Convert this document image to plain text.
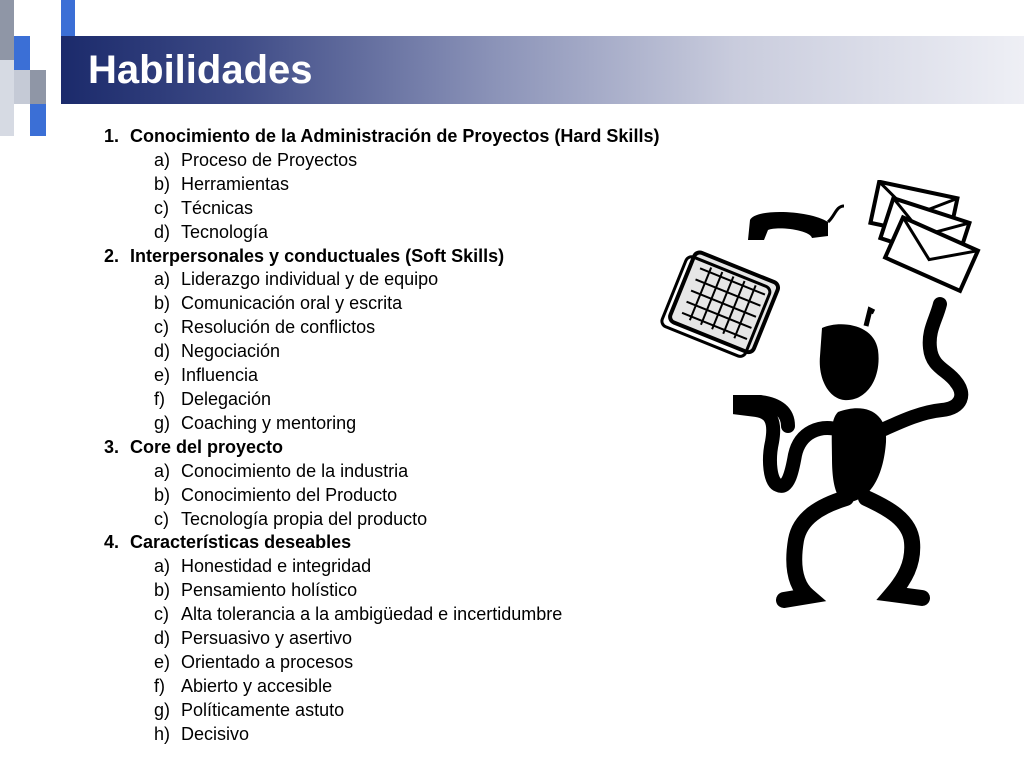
Habilidades
1. Conocimiento de la Administración de Proyectos (Hard Skills)
a) Proceso de Proyectos
b) Herramientas
c) Técnicas
d) Tecnología
2. Interpersonales y conductuales (Soft Skills)
a) Liderazgo individual y de equipo
b) Comunicación oral y escrita
c) Resolución de conflictos
d) Negociación
e) Influencia
f) Delegación
g) Coaching y mentoring
3. Core del proyecto
a) Conocimiento de la industria
b) Conocimiento del Producto
c) Tecnología propia del producto
4. Características deseables
a) Honestidad e integridad
b) Pensamiento holístico
c) Alta tolerancia a la ambigüedad e incertidumbre
d) Persuasivo y asertivo
e) Orientado a procesos
f) Abierto y accesible
g) Políticamente astuto
h) Decisivo
